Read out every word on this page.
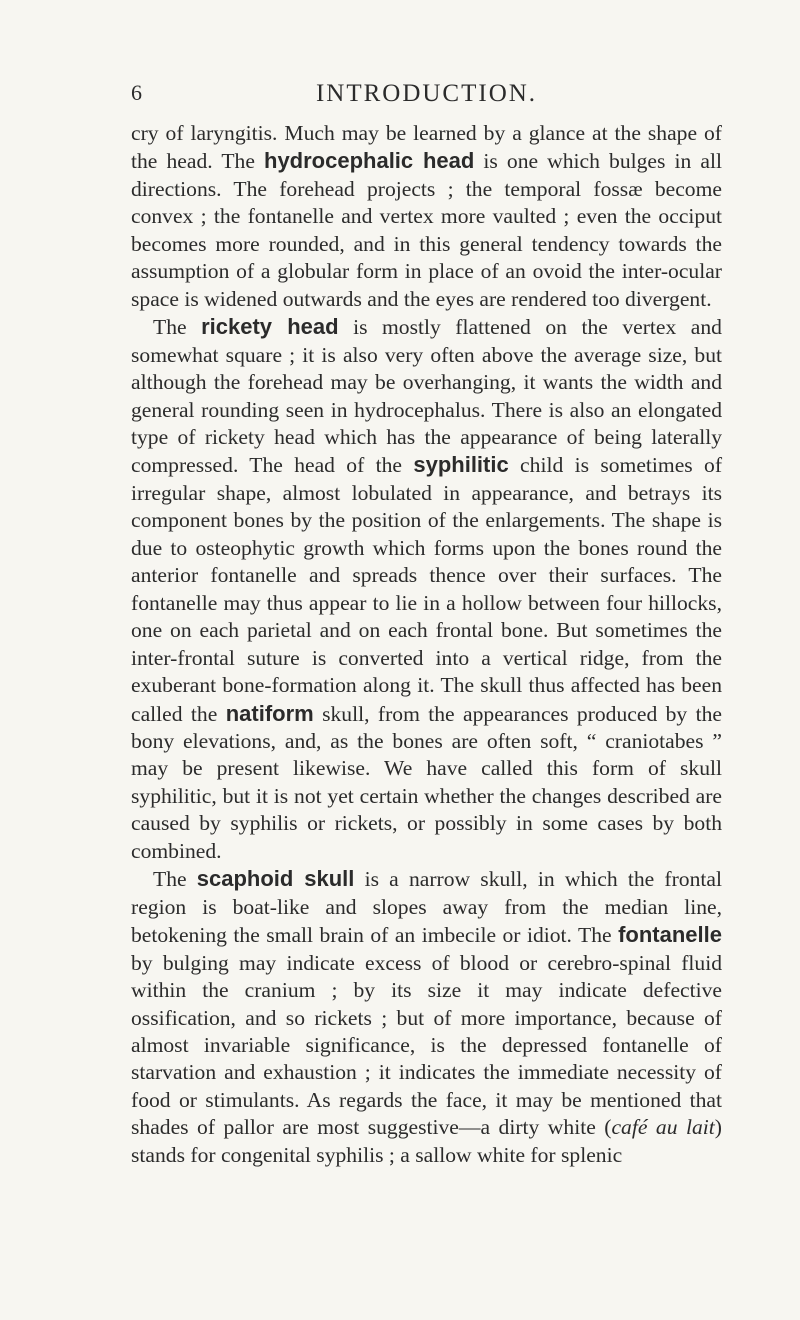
6	INTRODUCTION.

cry of laryngitis. Much may be learned by a glance at the shape of the head. The hydrocephalic head is one which bulges in all directions. The forehead projects ; the temporal fossæ become convex ; the fontanelle and vertex more vaulted ; even the occiput becomes more rounded, and in this general tendency towards the assumption of a globular form in place of an ovoid the inter-ocular space is widened outwards and the eyes are rendered too divergent.

The rickety head is mostly flattened on the vertex and somewhat square ; it is also very often above the average size, but although the forehead may be overhanging, it wants the width and general rounding seen in hydrocephalus. There is also an elongated type of rickety head which has the appearance of being laterally compressed. The head of the syphilitic child is sometimes of irregular shape, almost lobulated in appearance, and betrays its component bones by the position of the enlargements. The shape is due to osteophytic growth which forms upon the bones round the anterior fontanelle and spreads thence over their surfaces. The fontanelle may thus appear to lie in a hollow between four hillocks, one on each parietal and on each frontal bone. But sometimes the inter-frontal suture is converted into a vertical ridge, from the exuberant bone-formation along it. The skull thus affected has been called the natiform skull, from the appearances produced by the bony elevations, and, as the bones are often soft, “ craniotabes ” may be present likewise. We have called this form of skull syphilitic, but it is not yet certain whether the changes described are caused by syphilis or rickets, or possibly in some cases by both combined.

The scaphoid skull is a narrow skull, in which the frontal region is boat-like and slopes away from the median line, betokening the small brain of an imbecile or idiot. The fontanelle by bulging may indicate excess of blood or cerebro-spinal fluid within the cranium ; by its size it may indicate defective ossification, and so rickets ; but of more importance, because of almost invariable significance, is the depressed fontanelle of starvation and exhaustion ; it indicates the immediate necessity of food or stimulants. As regards the face, it may be mentioned that shades of pallor are most suggestive—a dirty white (café au lait) stands for congenital syphilis ; a sallow white for splenic
